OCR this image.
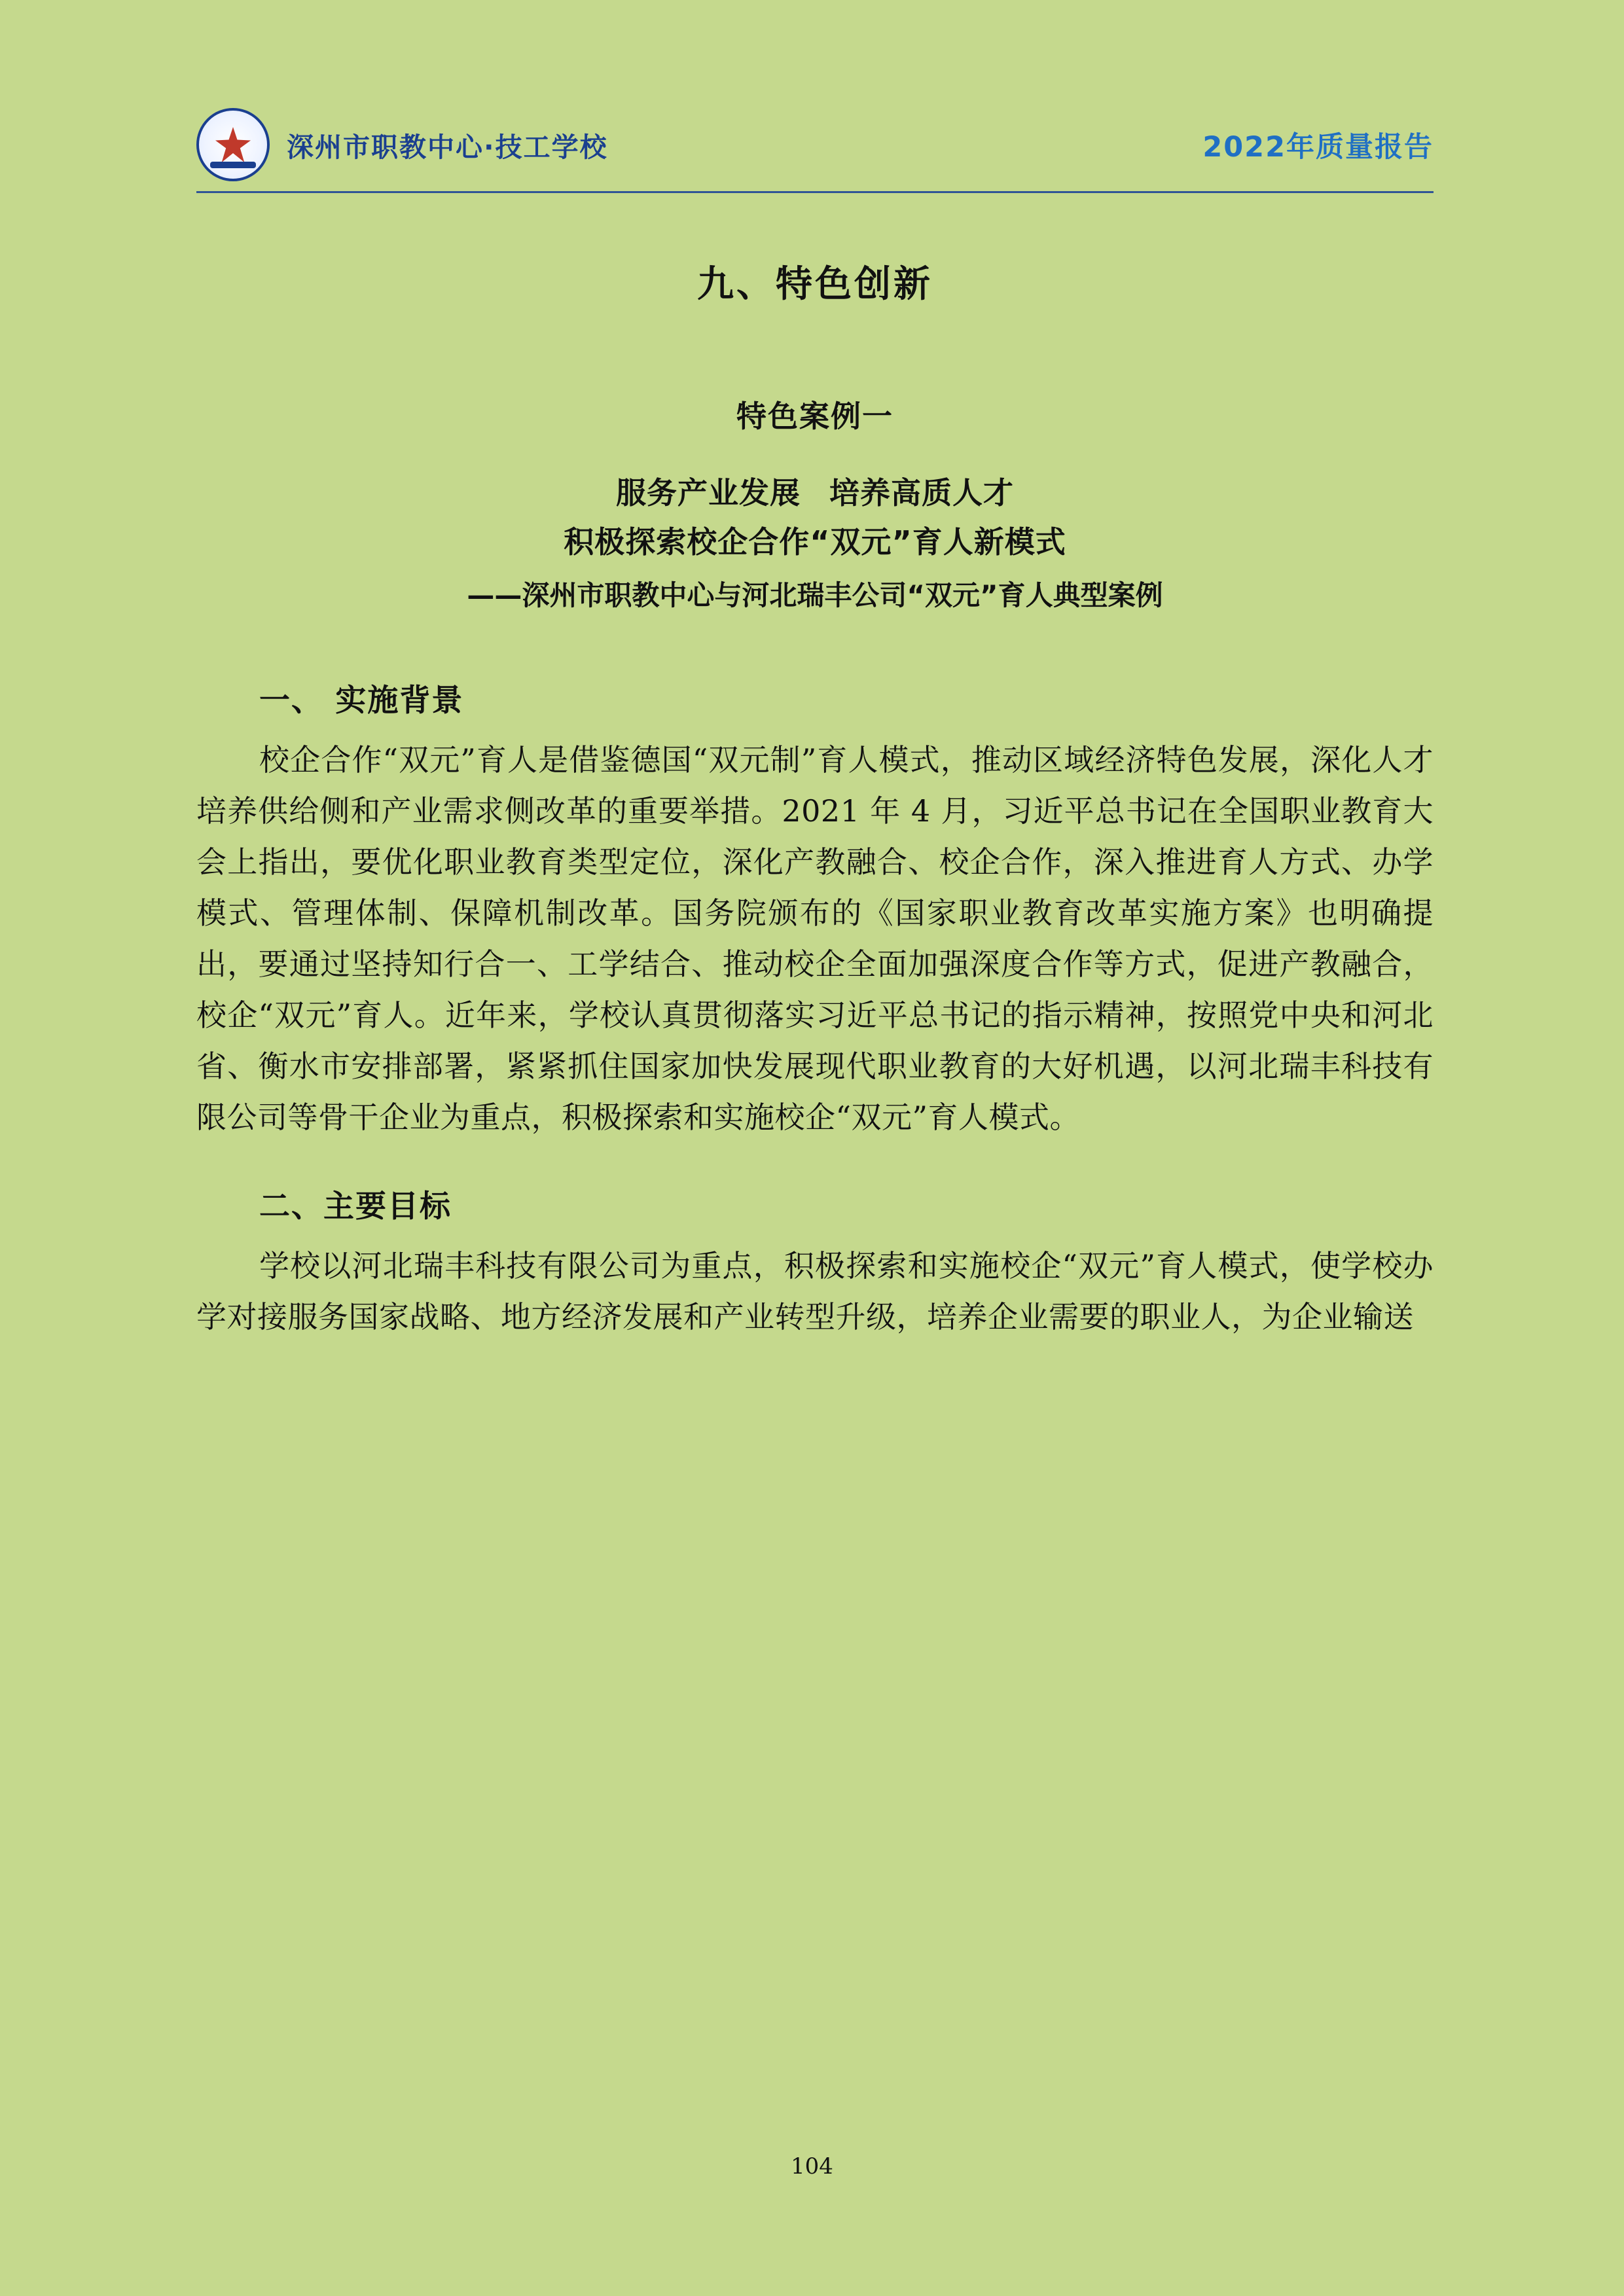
深州市职教中心·技工学校	2022年质量报告
九、特色创新
特色案例一
服务产业发展 培养高质人才
积极探索校企合作“双元”育人新模式
——深州市职教中心与河北瑞丰公司“双元”育人典型案例
一、 实施背景

校企合作“双元”育人是借鉴德国“双元制”育人模式，推动区域经济特色发展，深化人才培养供给侧和产业需求侧改革的重要举措。2021 年 4 月，习近平总书记在全国职业教育大会上指出，要优化职业教育类型定位，深化产教融合、校企合作，深入推进育人方式、办学模式、管理体制、保障机制改革。国务院颁布的《国家职业教育改革实施方案》也明确提出，要通过坚持知行合一、工学结合、推动校企全面加强深度合作等方式，促进产教融合，校企“双元”育人。近年来，学校认真贯彻落实习近平总书记的指示精神，按照党中央和河北省、衡水市安排部署，紧紧抓住国家加快发展现代职业教育的大好机遇，以河北瑞丰科技有限公司等骨干企业为重点，积极探索和实施校企“双元”育人模式。

二、主要目标

学校以河北瑞丰科技有限公司为重点，积极探索和实施校企“双元”育人模式，使学校办学对接服务国家战略、地方经济发展和产业转型升级，培养企业需要的职业人，为企业输送

104
